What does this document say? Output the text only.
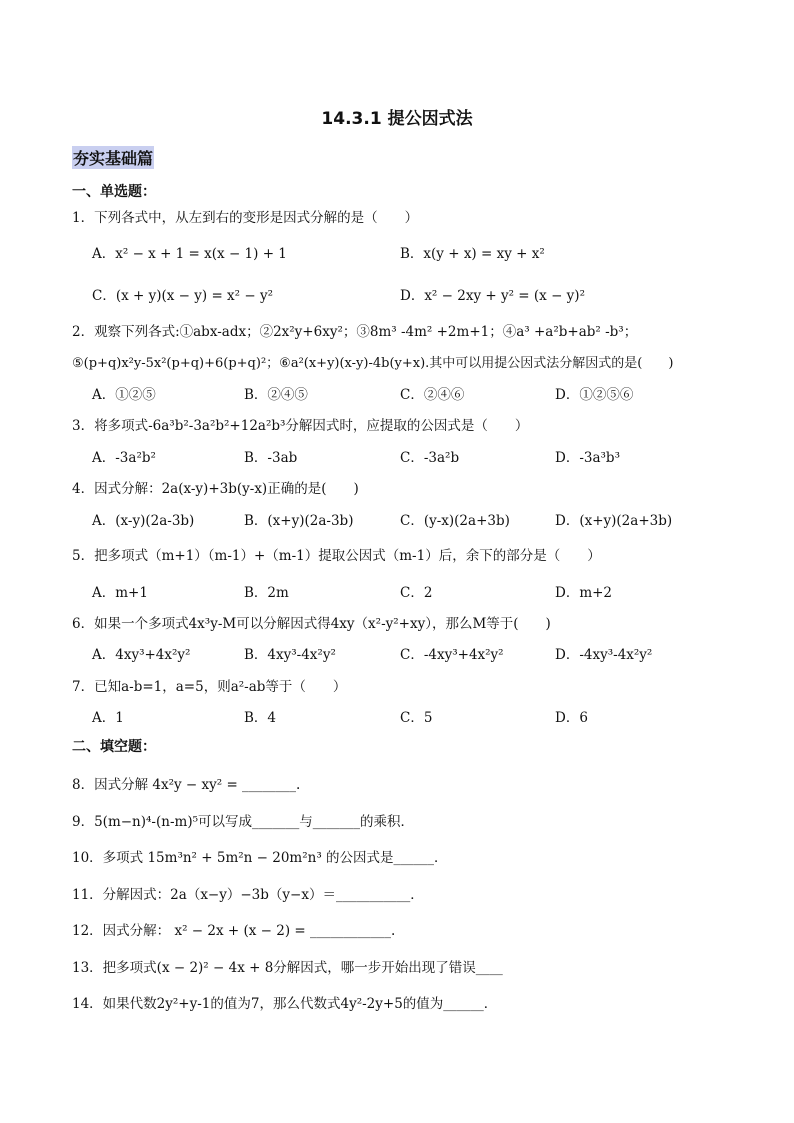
14.3.1 提公因式法
夯实基础篇
一、单选题：
1．下列各式中，从左到右的变形是因式分解的是（　　）
A．x² − x + 1 = x(x − 1) + 1	B．x(y + x) = xy + x²
C．(x + y)(x − y) = x² − y²	D．x² − 2xy + y² = (x − y)²
2．观察下列各式:①abx-adx；②2x²y+6xy²；③8m³ -4m² +2m+1；④a³ +a²b+ab² -b³；
⑤(p+q)x²y-5x²(p+q)+6(p+q)²；⑥a²(x+y)(x-y)-4b(y+x).其中可以用提公因式法分解因式的是(　　)
A．①②⑤	B．②④⑤	C．②④⑥	D．①②⑤⑥
3．将多项式-6a³b²-3a²b²+12a²b³分解因式时，应提取的公因式是（　　）
A．-3a²b²	B．-3ab	C．-3a²b	D．-3a³b³
4．因式分解：2a(x-y)+3b(y-x)正确的是(　　)
A．(x-y)(2a-3b)	B．(x+y)(2a-3b)	C．(y-x)(2a+3b)	D．(x+y)(2a+3b)
5．把多项式（m+1）（m-1）+（m-1）提取公因式（m-1）后，余下的部分是（　　）
A．m+1	B．2m	C．2	D．m+2
6．如果一个多项式4x³y-M可以分解因式得4xy（x²-y²+xy），那么M等于(　　)
A．4xy³+4x²y²	B．4xy³-4x²y²	C．-4xy³+4x²y²	D．-4xy³-4x²y²
7．已知a-b=1，a=5，则a²-ab等于（　　）
A．1	B．4	C．5	D．6
二、填空题：
8．因式分解 4x²y − xy² = ________.
9．5(m−n)⁴-(n-m)⁵可以写成_______与_______的乘积．
10．多项式 15m³n² + 5m²n − 20m²n³ 的公因式是______．
11．分解因式：2a（x−y）−3b（y−x）＝___________．
12．因式分解： x² − 2x + (x − 2) = ____________.
13．把多项式(x − 2)² − 4x + 8分解因式，哪一步开始出现了错误____
14．如果代数2y²+y-1的值为7，那么代数式4y²-2y+5的值为______．
